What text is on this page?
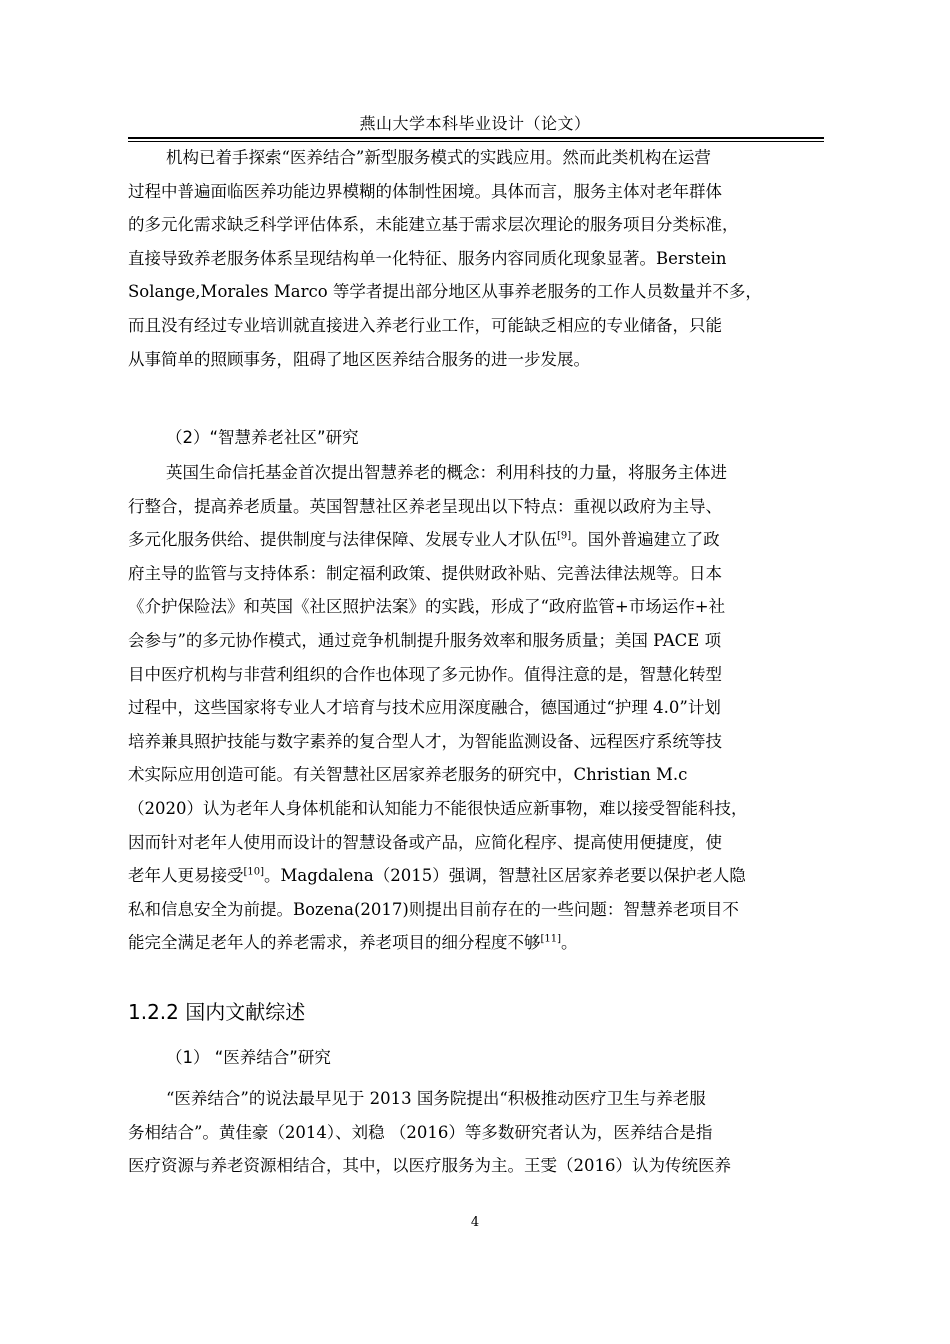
燕山大学本科毕业设计（论文）
机构已着手探索“医养结合”新型服务模式的实践应用。然而此类机构在运营
过程中普遍面临医养功能边界模糊的体制性困境。具体而言，服务主体对老年群体
的多元化需求缺乏科学评估体系，未能建立基于需求层次理论的服务项目分类标准，
直接导致养老服务体系呈现结构单一化特征、服务内容同质化现象显著。Berstein
Solange,Morales Marco 等学者提出部分地区从事养老服务的工作人员数量并不多，
而且没有经过专业培训就直接进入养老行业工作，可能缺乏相应的专业储备，只能
从事简单的照顾事务，阻碍了地区医养结合服务的进一步发展。
（2）“智慧养老社区”研究
英国生命信托基金首次提出智慧养老的概念：利用科技的力量，将服务主体进
行整合，提高养老质量。英国智慧社区养老呈现出以下特点：重视以政府为主导、
多元化服务供给、提供制度与法律保障、发展专业人才队伍[9]。国外普遍建立了政
府主导的监管与支持体系：制定福利政策、提供财政补贴、完善法律法规等。日本
《介护保险法》和英国《社区照护法案》的实践，形成了“政府监管+市场运作+社
会参与”的多元协作模式，通过竞争机制提升服务效率和服务质量；美国 PACE 项
目中医疗机构与非营利组织的合作也体现了多元协作。值得注意的是，智慧化转型
过程中，这些国家将专业人才培育与技术应用深度融合，德国通过“护理 4.0”计划
培养兼具照护技能与数字素养的复合型人才，为智能监测设备、远程医疗系统等技
术实际应用创造可能。有关智慧社区居家养老服务的研究中，Christian M.c
（2020）认为老年人身体机能和认知能力不能很快适应新事物，难以接受智能科技，
因而针对老年人使用而设计的智慧设备或产品，应简化程序、提高使用便捷度，使
老年人更易接受[10]。Magdalena（2015）强调，智慧社区居家养老要以保护老人隐
私和信息安全为前提。Bozena(2017)则提出目前存在的一些问题：智慧养老项目不
能完全满足老年人的养老需求，养老项目的细分程度不够[11]。
1.2.2 国内文献综述
（1） “医养结合”研究
“医养结合”的说法最早见于 2013 国务院提出“积极推动医疗卫生与养老服
务相结合”。黄佳豪（2014）、刘稳 （2016）等多数研究者认为，医养结合是指
医疗资源与养老资源相结合，其中，以医疗服务为主。王雯（2016）认为传统医养
4
